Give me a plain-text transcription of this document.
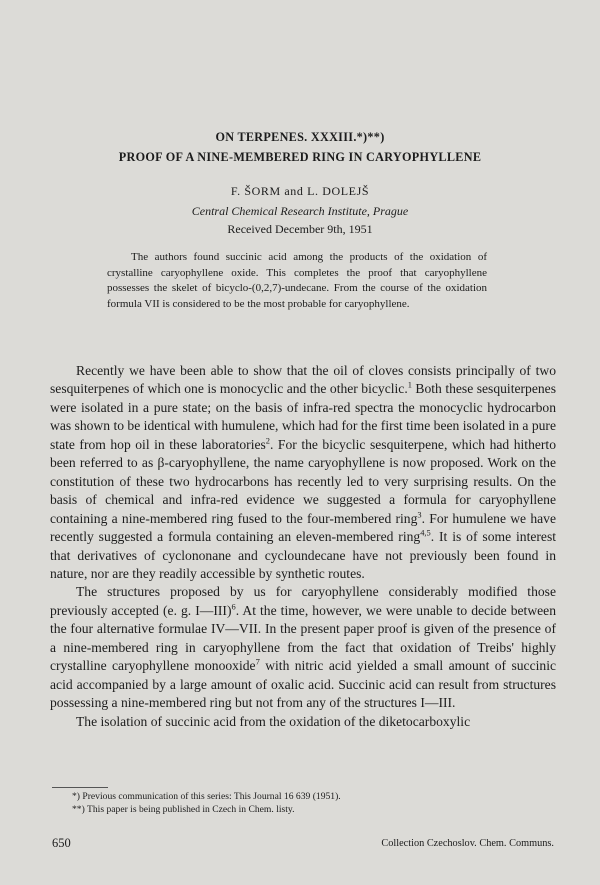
ON TERPENES. XXXIII.*)**)
PROOF OF A NINE-MEMBERED RING IN CARYOPHYLLENE
F. ŠORM and L. DOLEJŠ
Central Chemical Research Institute, Prague
Received December 9th, 1951
The authors found succinic acid among the products of the oxidation of crystalline caryophyllene oxide. This completes the proof that caryophyllene possesses the skelet of bicyclo-(0,2,7)-undecane. From the course of the oxidation formula VII is considered to be the most probable for caryophyllene.

Recently we have been able to show that the oil of cloves consists principally of two sesquiterpenes of which one is monocyclic and the other bicyclic.$^1$ Both these sesquiterpenes were isolated in a pure state; on the basis of infra-red spectra the monocyclic hydrocarbon was shown to be identical with humulene, which had for the first time been isolated in a pure state from hop oil in these laboratories$^2$. For the bicyclic sesquiterpene, which had hitherto been referred to as β-caryophyllene, the name caryophyllene is now proposed. Work on the constitution of these two hydrocarbons has recently led to very surprising results. On the basis of chemical and infra-red evidence we suggested a formula for caryophyllene containing a nine-membered ring fused to the four-membered ring$^3$. For humulene we have recently suggested a formula containing an eleven-membered ring$^{4,5}$. It is of some interest that derivatives of cyclononane and cycloundecane have not previously been found in nature, nor are they readily accessible by synthetic routes.

The structures proposed by us for caryophyllene considerably modified those previously accepted (e. g. I—III)$^6$. At the time, however, we were unable to decide between the four alternative formulae IV—VII. In the present paper proof is given of the presence of a nine-membered ring in caryophyllene from the fact that oxidation of Treibs' highly crystalline caryophyllene monooxide$^7$ with nitric acid yielded a small amount of succinic acid accompanied by a large amount of oxalic acid. Succinic acid can result from structures possessing a nine-membered ring but not from any of the structures I—III.

The isolation of succinic acid from the oxidation of the diketocarboxylic

*) Previous communication of this series: This Journal 16 639 (1951).
**) This paper is being published in Czech in Chem. listy.
650	Collection Czechoslov. Chem. Communs.
